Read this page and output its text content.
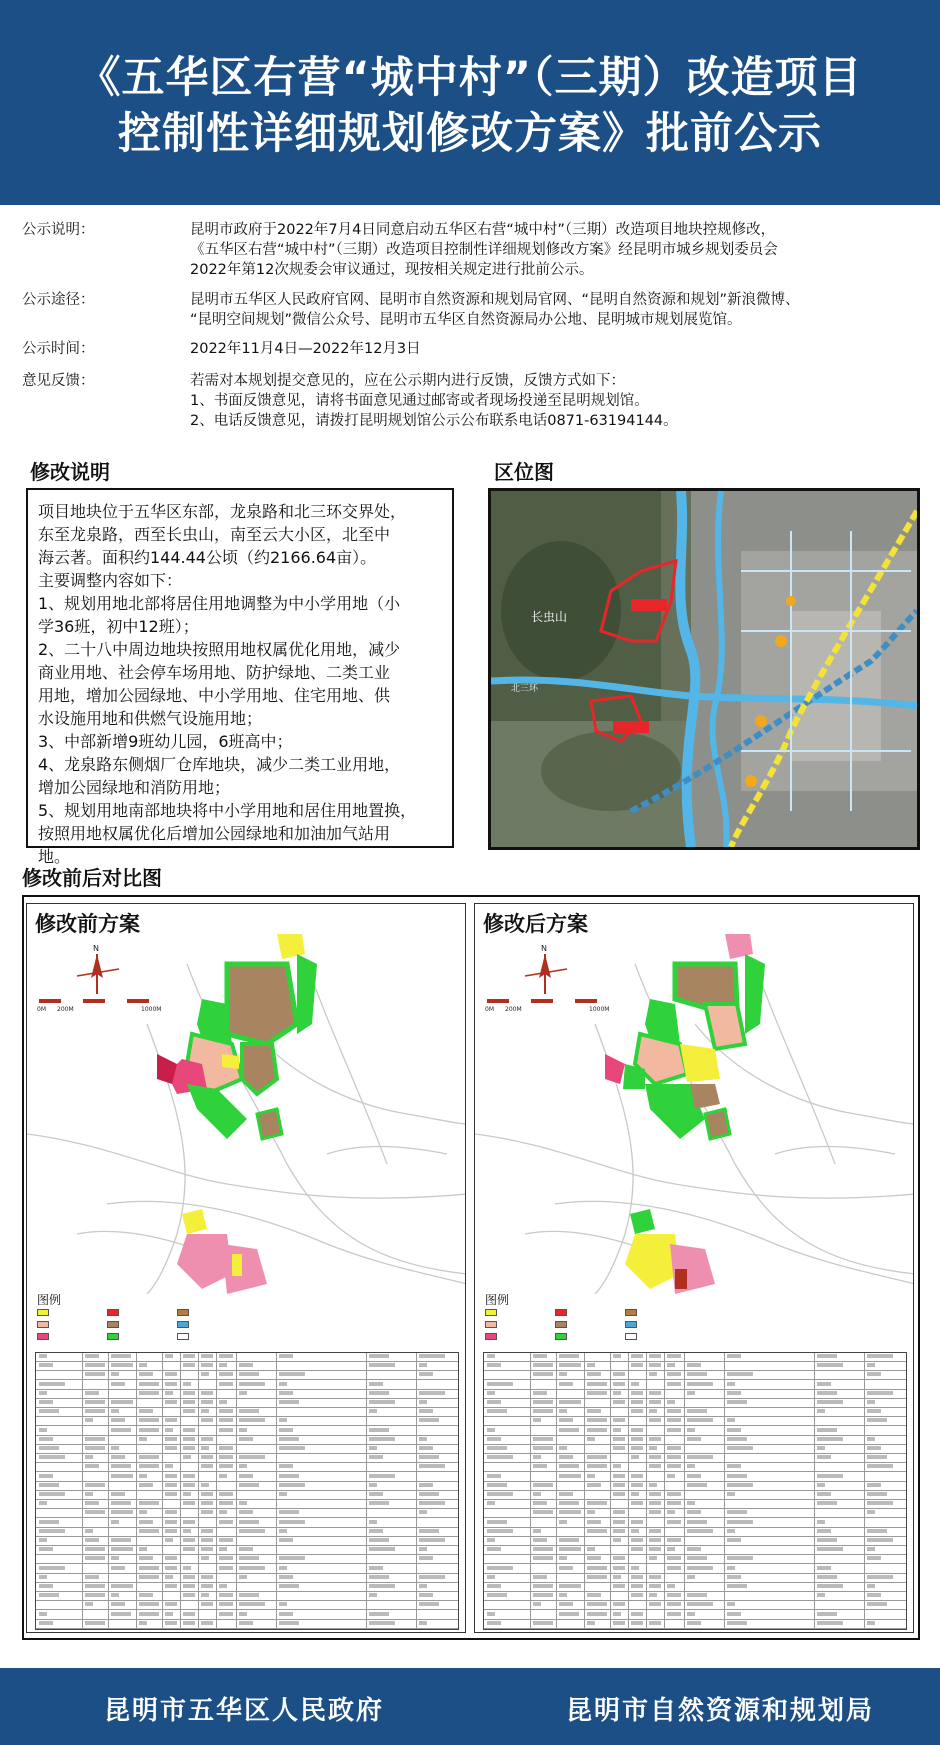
《五华区右营“城中村”（三期）改造项目
控制性详细规划修改方案》批前公示
公示说明：	昆明市政府于2022年7月4日同意启动五华区右营“城中村”（三期）改造项目地块控规修改，
《五华区右营“城中村”（三期）改造项目控制性详细规划修改方案》经昆明市城乡规划委员会
2022年第12次规委会审议通过，现按相关规定进行批前公示。
公示途径：	昆明市五华区人民政府官网、昆明市自然资源和规划局官网、“昆明自然资源和规划”新浪微博、
“昆明空间规划”微信公众号、昆明市五华区自然资源局办公地、昆明城市规划展览馆。
公示时间：	2022年11月4日—2022年12月3日
意见反馈：	若需对本规划提交意见的，应在公示期内进行反馈，反馈方式如下：
1、书面反馈意见，请将书面意见通过邮寄或者现场投递至昆明规划馆。
2、电话反馈意见，请拨打昆明规划馆公示公布联系电话0871-63194144。
修改说明	区位图
项目地块位于五华区东部，龙泉路和北三环交界处，
东至龙泉路，西至长虫山，南至云大小区，北至中
海云著。面积约144.44公顷（约2166.64亩）。
主要调整内容如下：
1、规划用地北部将居住用地调整为中小学用地（小
学36班，初中12班）；
2、二十八中周边地块按照用地权属优化用地，减少
商业用地、社会停车场用地、防护绿地、二类工业
用地，增加公园绿地、中小学用地、住宅用地、供
水设施用地和供燃气设施用地；
3、中部新增9班幼儿园，6班高中；
4、龙泉路东侧烟厂仓库地块，减少二类工业用地，
增加公园绿地和消防用地；
5、规划用地南部地块将中小学用地和居住用地置换，
按照用地权属优化后增加公园绿地和加油加气站用
地。
长虫山
北三环
修改前后对比图
修改前方案
N
0M 200M	1000M
图例
修改后方案
N
0M 200M	1000M
图例
昆明市五华区人民政府	昆明市自然资源和规划局
